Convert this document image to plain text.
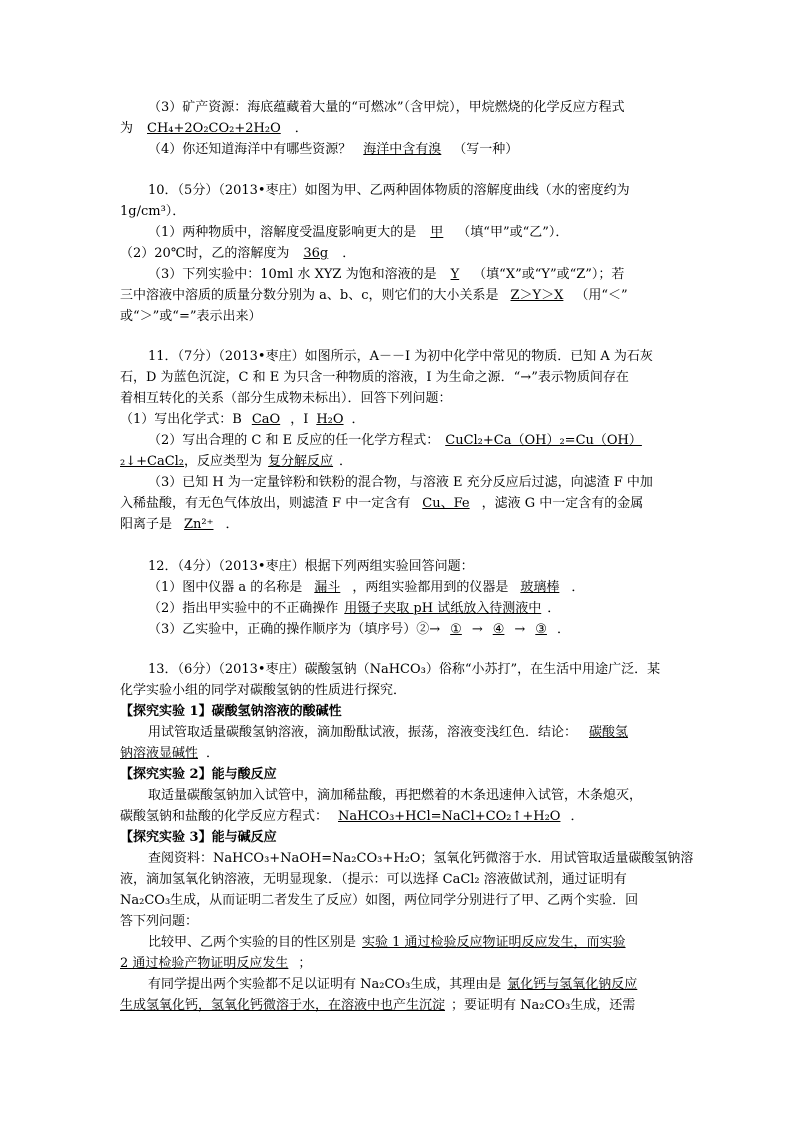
（3）矿产资源：海底蕴藏着大量的“可燃冰”（含甲烷），甲烷燃烧的化学反应方程式
为 CH₄+2O₂CO₂+2H₂O ．
（4）你还知道海洋中有哪些资源？ 海洋中含有溴 （写一种）
10．（5分）（2013•枣庄）如图为甲、乙两种固体物质的溶解度曲线（水的密度约为
1g/cm³）．
（1）两种物质中，溶解度受温度影响更大的是 甲 （填“甲”或“乙”）．
（2）20℃时，乙的溶解度为 36g ．
（3）下列实验中：10ml 水 XYZ 为饱和溶液的是 Y （填“X”或“Y”或“Z”）；若
三中溶液中溶质的质量分数分别为 a、b、c，则它们的大小关系是 Z＞Y＞X （用“＜”
或“＞”或“=”表示出来）
11．（7分）（2013•枣庄）如图所示，A－－I 为初中化学中常见的物质．已知 A 为石灰
石，D 为蓝色沉淀，C 和 E 为只含一种物质的溶液，I 为生命之源．“→”表示物质间存在
着相互转化的关系（部分生成物未标出）．回答下列问题：
（1）写出化学式：B CaO ，I H₂O ．
（2）写出合理的 C 和 E 反应的任一化学方程式： CuCl₂+Ca（OH）₂=Cu（OH）
₂↓+CaCl₂，反应类型为 复分解反应 ．
（3）已知 H 为一定量锌粉和铁粉的混合物，与溶液 E 充分反应后过滤，向滤渣 F 中加
入稀盐酸，有无色气体放出，则滤渣 F 中一定含有 Cu、Fe ，滤液 G 中一定含有的金属
阳离子是 Zn²⁺ ．
12．（4分）（2013•枣庄）根据下列两组实验回答问题：
（1）图中仪器 a 的名称是 漏斗 ，两组实验都用到的仪器是 玻璃棒 ．
（2）指出甲实验中的不正确操作 用镊子夹取 pH 试纸放入待测液中 ．
（3）乙实验中，正确的操作顺序为（填序号）②→ ① → ④ → ③ ．
13．（6分）（2013•枣庄）碳酸氢钠（NaHCO₃）俗称“小苏打”，在生活中用途广泛．某
化学实验小组的同学对碳酸氢钠的性质进行探究．
【探究实验 1】碳酸氢钠溶液的酸碱性
用试管取适量碳酸氢钠溶液，滴加酚酞试液，振荡，溶液变浅红色．结论： 碳酸氢
钠溶液显碱性 ．
【探究实验 2】能与酸反应
取适量碳酸氢钠加入试管中，滴加稀盐酸，再把燃着的木条迅速伸入试管，木条熄灭，
碳酸氢钠和盐酸的化学反应方程式： NaHCO₃+HCl=NaCl+CO₂↑+H₂O ．
【探究实验 3】能与碱反应
查阅资料：NaHCO₃+NaOH=Na₂CO₃+H₂O；氢氧化钙微溶于水．用试管取适量碳酸氢钠溶
液，滴加氢氧化钠溶液，无明显现象．（提示：可以选择 CaCl₂ 溶液做试剂，通过证明有
Na₂CO₃生成，从而证明二者发生了反应）如图，两位同学分别进行了甲、乙两个实验．回
答下列问题：
比较甲、乙两个实验的目的性区别是 实验 1 通过检验反应物证明反应发生，而实验
2 通过检验产物证明反应发生 ；
有同学提出两个实验都不足以证明有 Na₂CO₃生成，其理由是 氯化钙与氢氧化钠反应
生成氢氧化钙，氢氧化钙微溶于水，在溶液中也产生沉淀 ；要证明有 Na₂CO₃生成，还需
